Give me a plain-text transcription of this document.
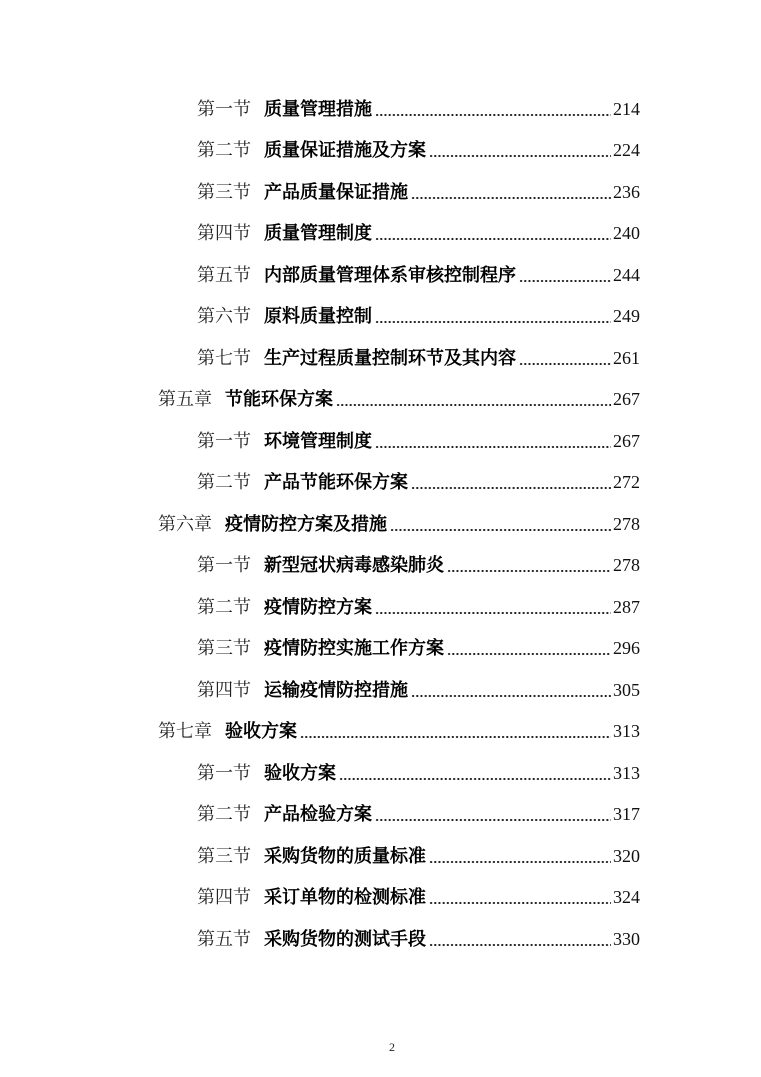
第一节 质量管理措施	214
第二节 质量保证措施及方案	224
第三节 产品质量保证措施	236
第四节 质量管理制度	240
第五节 内部质量管理体系审核控制程序	244
第六节 原料质量控制	249
第七节 生产过程质量控制环节及其内容	261
第五章 节能环保方案	267
第一节 环境管理制度	267
第二节 产品节能环保方案	272
第六章 疫情防控方案及措施	278
第一节 新型冠状病毒感染肺炎	278
第二节 疫情防控方案	287
第三节 疫情防控实施工作方案	296
第四节 运输疫情防控措施	305
第七章 验收方案	313
第一节 验收方案	313
第二节 产品检验方案	317
第三节 采购货物的质量标准	320
第四节 采订单物的检测标准	324
第五节 采购货物的测试手段	330
2
